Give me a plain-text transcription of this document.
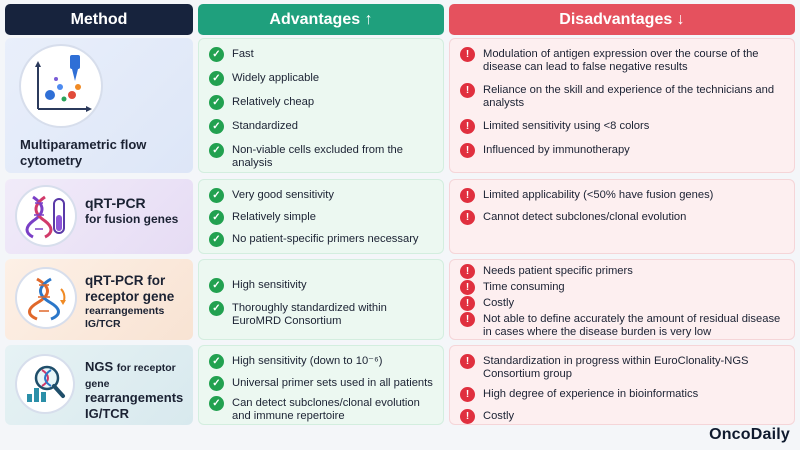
Method	Advantages ↑	Disadvantages ↓
Multiparametric flow cytometry
✓ Fast
✓ Widely applicable
✓ Relatively cheap
✓ Standardized
✓ Non-viable cells excluded from the analysis
!	Modulation of antigen expression over the course of the disease can lead to false negative results
!	Reliance on the skill and experience of the technicians and analysts
!	Limited sensitivity using <8 colors
!	Influenced by immunotherapy
qRT-PCR
for fusion genes
✓ Very good sensitivity
✓ Relatively simple
✓ No patient-specific primers necessary
!	Limited applicability (<50% have fusion genes)
!	Cannot detect subclones/clonal evolution
qRT-PCR for receptor gene
rearrangements IG/TCR
✓ High sensitivity
✓ Thoroughly standardized within EuroMRD Consortium
!	Needs patient specific primers
!	Time consuming
!	Costly
!	Not able to define accurately the amount of residual disease in cases where the disease burden is very low
NGS for receptor gene
rearrangements IG/TCR
✓ High sensitivity (down to 10⁻⁶)
✓ Universal primer sets used in all patients
✓ Can detect subclones/clonal evolution and immune repertoire
!	Standardization in progress within EuroClonality-NGS Consortium group
!	High degree of experience in bioinformatics
!	Costly
OncoDaily
